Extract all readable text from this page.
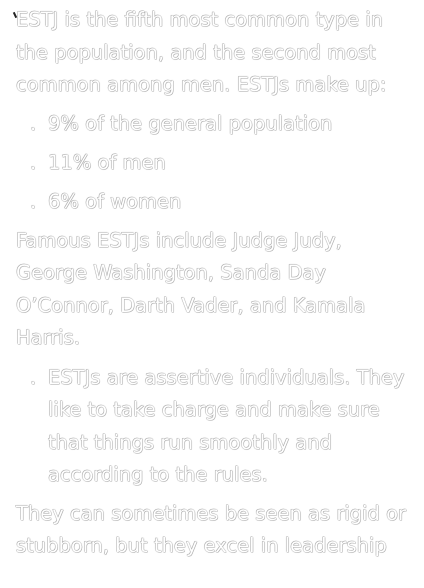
ESTJ is the fifth most common type in the population, and the second most common among men. ESTJs make up:

. 9% of the general population
. 11% of men
. 6% of women

Famous ESTJs include Judge Judy, George Washington, Sanda Day O’Connor, Darth Vader, and Kamala Harris.

. ESTJs are assertive individuals. They like to take charge and make sure that things run smoothly and according to the rules.

They can sometimes be seen as rigid or stubborn, but they excel in leadership
